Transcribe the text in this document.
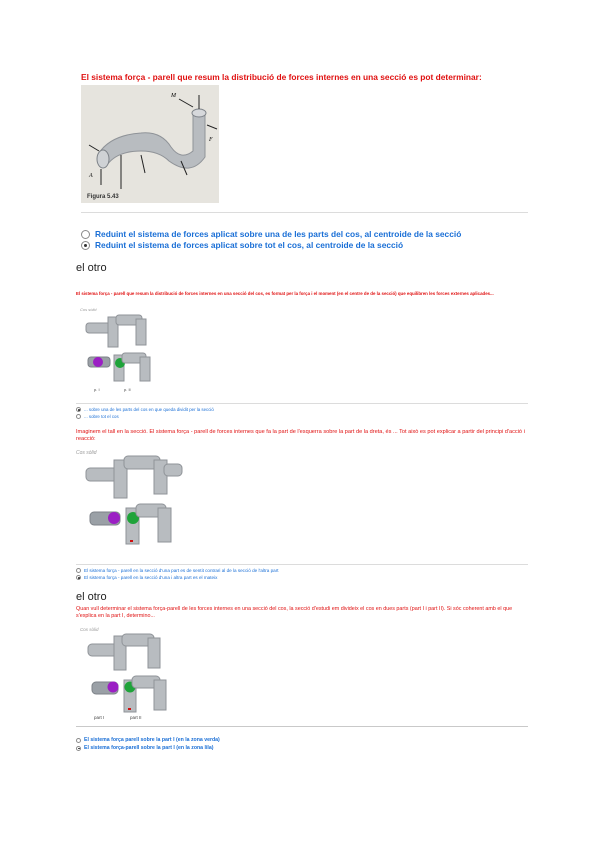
El sistema força - parell que resum la distribució de forces internes en una secció es pot determinar:
M
A
F
Figura 5.43
Reduint el sistema de forces aplicat sobre una de les parts del cos, al centroide de la secció
Reduint el sistema de forces aplicat sobre tot el cos, al centroide de la secció
el otro
El sistema força - parell que resum la distribució de forces internes en una secció del cos, es format per la força i el moment (en el centre de de la secció) que equilibren les forces externes aplicades...
Cos sòlid
p. I	p. II
... sobre una de les parts del cos en que queda dividit per la secció
... sobre tot el cos
Imaginem el tall en la secció. El sistema força - parell de forces internes que fa la part de l'esquerra sobre la part de la dreta, és ... Tot això es pot explicar a partir del principi d'acció i reacció:
Cos sòlid
El sistema força - parell en la secció d'una part es de sentit contrari al de la secció de l'altra part
El sistema força - parell en la secció d'una i altra part es el mateix
el otro
Quan vull determinar el sistema força-parell de les forces internes en una secció del cos, la secció d'estudi em divideix el cos en dues parts (part I i part II). Si sóc coherent amb el que s'explica en la part I, determino...
Cos sòlid
part I	part II
El sistema força parell sobre la part I (en la zona verda)
El sistema força-parell sobre la part I (en la zona lila)
